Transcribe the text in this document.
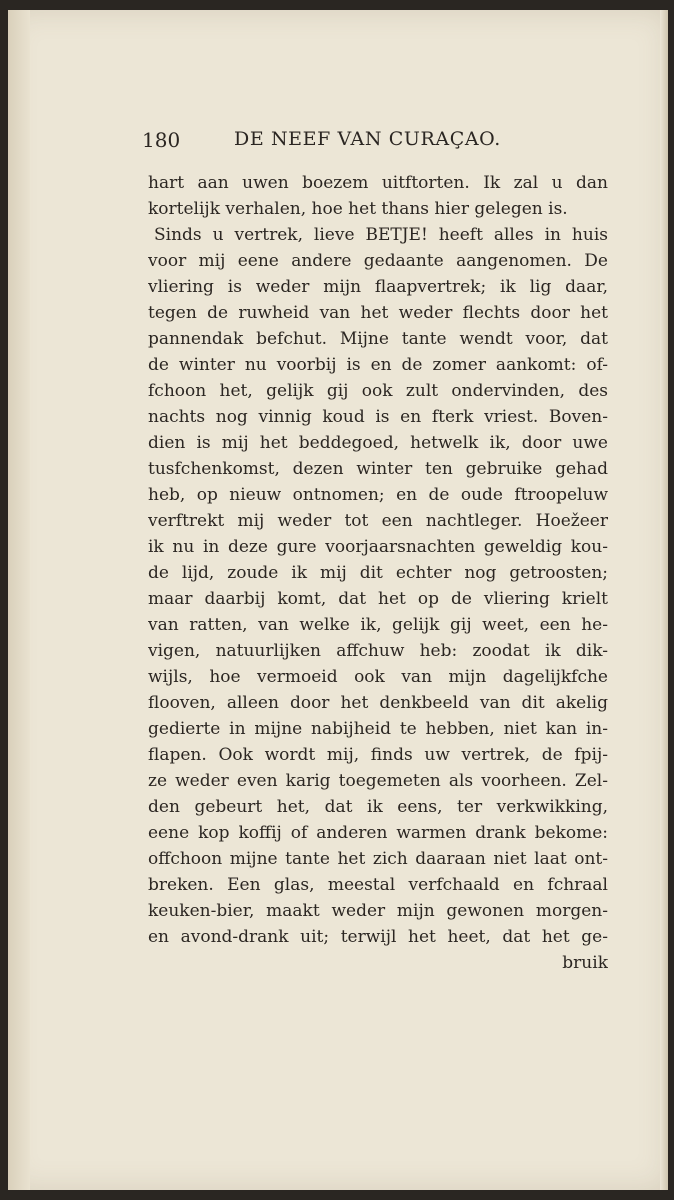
180	DE NEEF VAN CURAÇAO.
hart aan uwen boezem uitftorten. Ik zal u dan
kortelijk verhalen, hoe het thans hier gelegen is.
Sinds u vertrek, lieve BETJE! heeft alles in huis
voor mij eene andere gedaante aangenomen. De
vliering is weder mijn flaapvertrek; ik lig daar,
tegen de ruwheid van het weder flechts door het
pannendak befchut. Mijne tante wendt voor, dat
de winter nu voorbij is en de zomer aankomt: of-
fchoon het, gelijk gij ook zult ondervinden, des
nachts nog vinnig koud is en fterk vriest. Boven-
dien is mij het beddegoed, hetwelk ik, door uwe
tusfchenkomst, dezen winter ten gebruike gehad
heb, op nieuw ontnomen; en de oude ftroopeluw
verftrekt mij weder tot een nachtleger. Hoežeer
ik nu in deze gure voorjaarsnachten geweldig kou-
de lijd, zoude ik mij dit echter nog getroosten;
maar daarbij komt, dat het op de vliering krielt
van ratten, van welke ik, gelijk gij weet, een he-
vigen, natuurlijken affchuw heb: zoodat ik dik-
wijls, hoe vermoeid ook van mijn dagelijkfche
flooven, alleen door het denkbeeld van dit akelig
gedierte in mijne nabijheid te hebben, niet kan in-
flapen. Ook wordt mij, finds uw vertrek, de fpij-
ze weder even karig toegemeten als voorheen. Zel-
den gebeurt het, dat ik eens, ter verkwikking,
eene kop koffij of anderen warmen drank bekome:
offchoon mijne tante het zich daaraan niet laat ont-
breken. Een glas, meestal verfchaald en fchraal
keuken-bier, maakt weder mijn gewonen morgen-
en avond-drank uit; terwijl het heet, dat het ge-
bruik
